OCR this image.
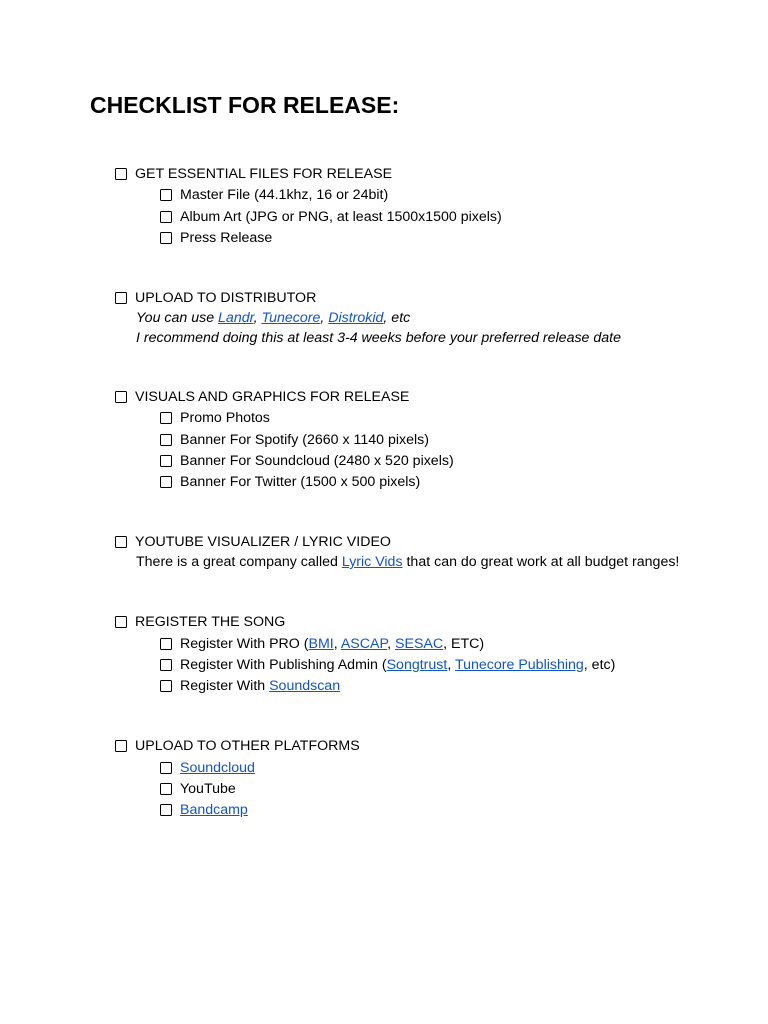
CHECKLIST FOR RELEASE:
GET ESSENTIAL FILES FOR RELEASE
Master File (44.1khz, 16 or 24bit)
Album Art (JPG or PNG, at least 1500x1500 pixels)
Press Release
UPLOAD TO DISTRIBUTOR
You can use Landr, Tunecore, Distrokid, etc
I recommend doing this at least 3-4 weeks before your preferred release date
VISUALS AND GRAPHICS FOR RELEASE
Promo Photos
Banner For Spotify (2660 x 1140 pixels)
Banner For Soundcloud (2480 x 520 pixels)
Banner For Twitter (1500 x 500 pixels)
YOUTUBE VISUALIZER / LYRIC VIDEO
There is a great company called Lyric Vids that can do great work at all budget ranges!
REGISTER THE SONG
Register With PRO (BMI, ASCAP, SESAC, ETC)
Register With Publishing Admin (Songtrust, Tunecore Publishing, etc)
Register With Soundscan
UPLOAD TO OTHER PLATFORMS
Soundcloud
YouTube
Bandcamp
